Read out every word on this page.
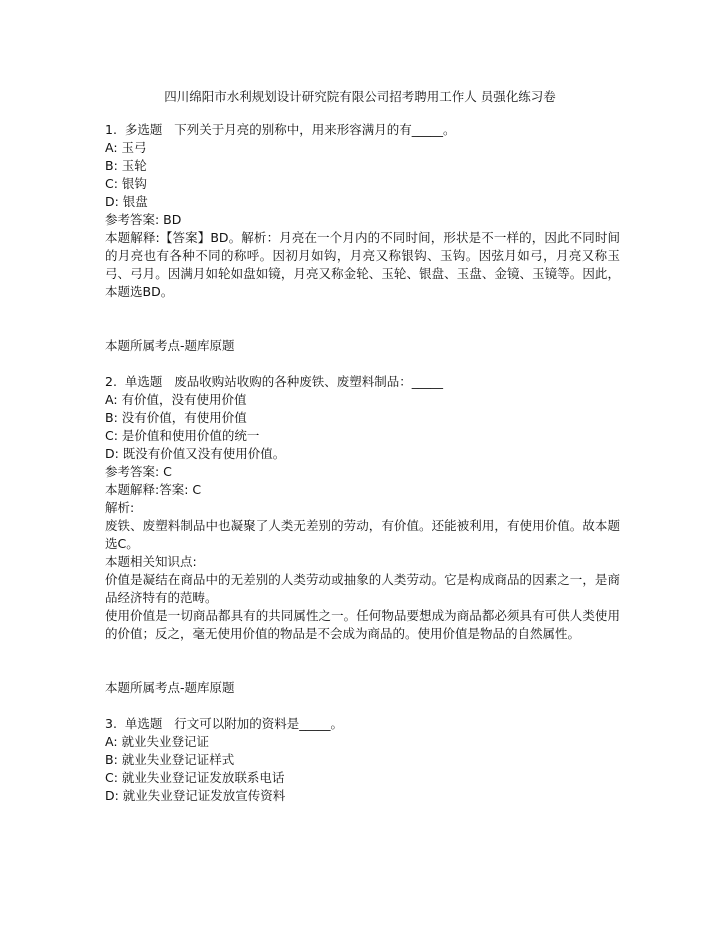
四川绵阳市水利规划设计研究院有限公司招考聘用工作人 员强化练习卷
1.  多选题   下列关于月亮的别称中，用来形容满月的有_____。
A: 玉弓
B: 玉轮
C: 银钩
D: 银盘
参考答案: BD
本题解释:【答案】BD。解析：月亮在一个月内的不同时间，形状是不一样的，因此不同时间的月亮也有各种不同的称呼。因初月如钩，月亮又称银钩、玉钩。因弦月如弓，月亮又称玉弓、弓月。因满月如轮如盘如镜，月亮又称金轮、玉轮、银盘、玉盘、金镜、玉镜等。因此，本题选BD。
本题所属考点-题库原题
2.  单选题   废品收购站收购的各种废铁、废塑料制品：_____
A: 有价值，没有使用价值
B: 没有价值，有使用价值
C: 是价值和使用价值的统一
D: 既没有价值又没有使用价值。
参考答案: C
本题解释:答案: C
解析:
废铁、废塑料制品中也凝聚了人类无差别的劳动，有价值。还能被利用，有使用价值。故本题选C。
本题相关知识点:
价值是凝结在商品中的无差别的人类劳动或抽象的人类劳动。它是构成商品的因素之一，是商品经济特有的范畴。
使用价值是一切商品都具有的共同属性之一。任何物品要想成为商品都必须具有可供人类使用的价值；反之，毫无使用价值的物品是不会成为商品的。使用价值是物品的自然属性。
本题所属考点-题库原题
3.  单选题   行文可以附加的资料是_____。
A: 就业失业登记证
B: 就业失业登记证样式
C: 就业失业登记证发放联系电话
D: 就业失业登记证发放宣传资料
